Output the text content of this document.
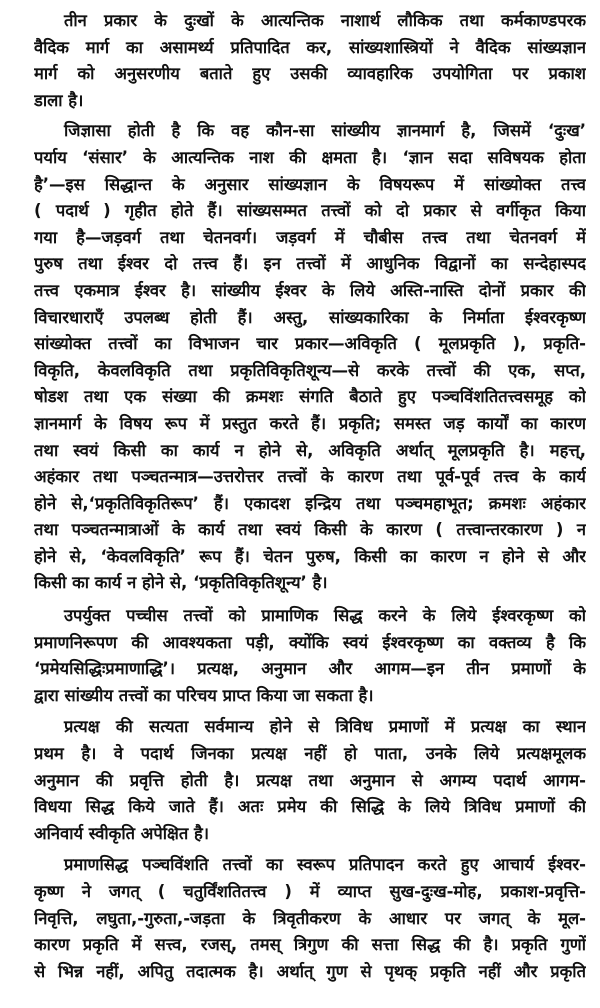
तीन प्रकार के दुःखों के आत्यन्तिक नाशार्थ लौकिक तथा कर्मकाण्डपरक
वैदिक मार्ग का असामर्थ्य प्रतिपादित कर, सांख्यशास्त्रियों ने वैदिक सांख्यज्ञान
मार्ग को अनुसरणीय बताते हुए उसकी व्यावहारिक उपयोगिता पर प्रकाश
डाला है।
जिज्ञासा होती है कि वह कौन-सा सांख्यीय ज्ञानमार्ग है, जिसमें ‘दुःख’
पर्याय ‘संसार’ के आत्यन्तिक नाश की क्षमता है। ‘ज्ञान सदा सविषयक होता
है’—इस सिद्धान्त के अनुसार सांख्यज्ञान के विषयरूप में सांख्योक्त तत्त्व
( पदार्थ ) गृहीत होते हैं। सांख्यसम्मत तत्त्वों को दो प्रकार से वर्गीकृत किया
गया है—जड़वर्ग तथा चेतनवर्ग। जड़वर्ग में चौबीस तत्त्व तथा चेतनवर्ग में
पुरुष तथा ईश्वर दो तत्त्व हैं। इन तत्त्वों में आधुनिक विद्वानों का सन्देहास्पद
तत्त्व एकमात्र ईश्वर है। सांख्यीय ईश्वर के लिये अस्ति-नास्ति दोनों प्रकार की
विचारधाराएँ उपलब्ध होती हैं। अस्तु, सांख्यकारिका के निर्माता ईश्वरकृष्ण
सांख्योक्त तत्त्वों का विभाजन चार प्रकार—अविकृति ( मूलप्रकृति ), प्रकृति-
विकृति, केवलविकृति तथा प्रकृतिविकृतिशून्य—से करके तत्त्वों की एक, सप्त,
षोडश तथा एक संख्या की क्रमशः संगति बैठाते हुए पञ्चविंशतितत्त्वसमूह को
ज्ञानमार्ग के विषय रूप में प्रस्तुत करते हैं। प्रकृति; समस्त जड़ कार्यों का कारण
तथा स्वयं किसी का कार्य न होने से, अविकृति अर्थात् मूलप्रकृति है। महत्त्,
अहंकार तथा पञ्चतन्मात्र—उत्तरोत्तर तत्त्वों के कारण तथा पूर्व-पूर्व तत्त्व के कार्य
होने से,‘प्रकृतिविकृतिरूप’ हैं। एकादश इन्द्रिय तथा पञ्चमहाभूत; क्रमशः अहंकार
तथा पञ्चतन्मात्राओं के कार्य तथा स्वयं किसी के कारण ( तत्त्वान्तरकारण ) न
होने से, ‘केवलविकृति’ रूप हैं। चेतन पुरुष, किसी का कारण न होने से और
किसी का कार्य न होने से, ‘प्रकृतिविकृतिशून्य’ है।
उपर्युक्त पच्चीस तत्त्वों को प्रामाणिक सिद्ध करने के लिये ईश्वरकृष्ण को
प्रमाणनिरूपण की आवश्यकता पड़ी, क्योंकि स्वयं ईश्वरकृष्ण का वक्तव्य है कि
‘प्रमेयसिद्धिःप्रमाणाद्धि’। प्रत्यक्ष, अनुमान और आगम—इन तीन प्रमाणों के
द्वारा सांख्यीय तत्त्वों का परिचय प्राप्त किया जा सकता है।
प्रत्यक्ष की सत्यता सर्वमान्य होने से त्रिविध प्रमाणों में प्रत्यक्ष का स्थान
प्रथम है। वे पदार्थ जिनका प्रत्यक्ष नहीं हो पाता, उनके लिये प्रत्यक्षमूलक
अनुमान की प्रवृत्ति होती है। प्रत्यक्ष तथा अनुमान से अगम्य पदार्थ आगम-
विधया सिद्ध किये जाते हैं। अतः प्रमेय की सिद्धि के लिये त्रिविध प्रमाणों की
अनिवार्य स्वीकृति अपेक्षित है।
प्रमाणसिद्ध पञ्चविंशति तत्त्वों का स्वरूप प्रतिपादन करते हुए आचार्य ईश्वर-
कृष्ण ने जगत् ( चतुर्विंशतितत्त्व ) में व्याप्त सुख-दुःख-मोह, प्रकाश-प्रवृत्ति-
निवृत्ति, लघुता,-गुरुता,-जड़ता के त्रिवृतीकरण के आधार पर जगत् के मूल-
कारण प्रकृति में सत्त्व, रजस्, तमस् त्रिगुण की सत्ता सिद्ध की है। प्रकृति गुणों
से भिन्न नहीं, अपितु तदात्मक है। अर्थात् गुण से पृथक् प्रकृति नहीं और प्रकृति
